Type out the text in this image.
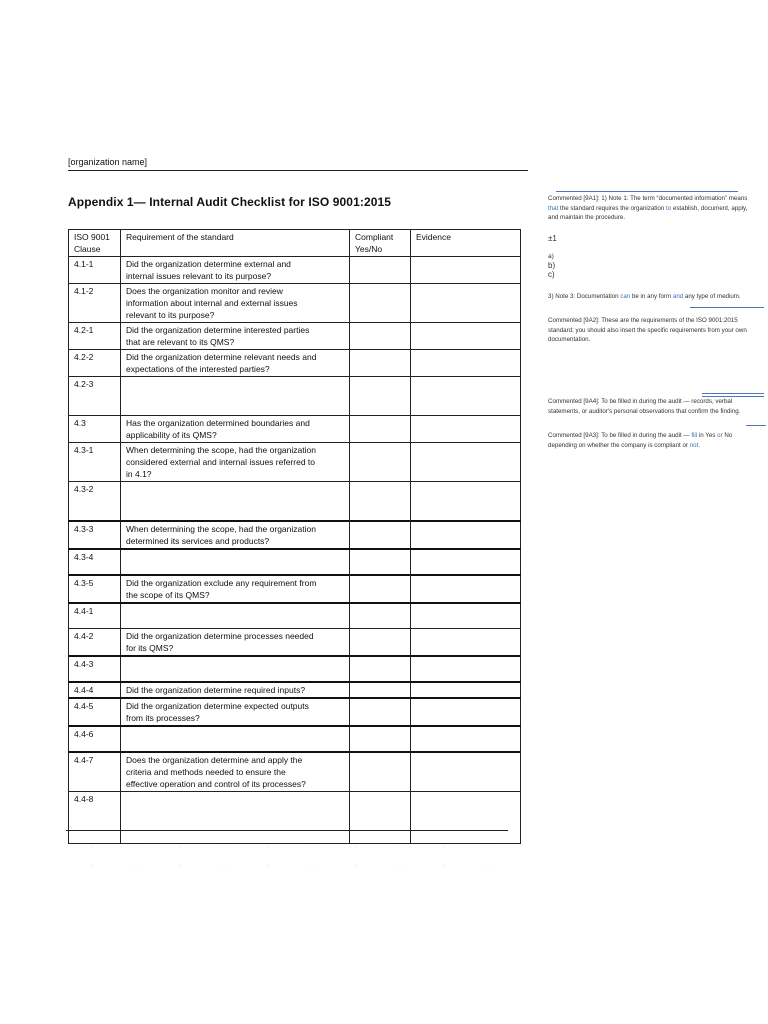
[organization name]
Appendix 1— Internal Audit Checklist for ISO 9001:2015
ISO 9001 Clause	Requirement of the standard	Compliant Yes/No	Evidence
4.1-1	Did the organization determine external and
internal issues relevant to its purpose?		
4.1-2	Does the organization monitor and review
information about internal and external issues
relevant to its purpose?		
4.2-1	Did the organization determine interested parties
that are relevant to its QMS?		
4.2-2	Did the organization determine relevant needs and
expectations of the interested parties?		
4.2-3			
4.3	Has the organization determined boundaries and
applicability of its QMS?		
4.3-1	When determining the scope, had the organization
considered external and internal issues referred to
in 4.1?		
4.3-2			
4.3-3	When determining the scope, had the organization
determined its services and products?		
4.3-4			
4.3-5	Did the organization exclude any requirement from
the scope of its QMS?		
4.4-1			
4.4-2	Did the organization determine processes needed
for its QMS?		
4.4-3			
4.4-4	Did the organization determine required inputs?		
4.4-5	Did the organization determine expected outputs
from its processes?		
4.4-6			
4.4-7	Does the organization determine and apply the
criteria and methods needed to ensure the
effective operation and control of its processes?		
4.4-8			
Commented [9A1]: 1) Note 1: The term “documented information” means that the standard requires the organization to establish, document, apply, and maintain the procedure.
±1
a)
b)
c)
3) Note 3: Documentation can be in any form and any type of medium.
Commented [9A2]: These are the requirements of the ISO 9001:2015 standard; you should also insert the specific requirements from your own documentation.
Commented [9A4]: To be filled in during the audit — records, verbal statements, or auditor's personal observations that confirm the finding.
Commented [9A3]: To be filled in during the audit — fill in Yes or No depending on whether the company is compliant or not.
